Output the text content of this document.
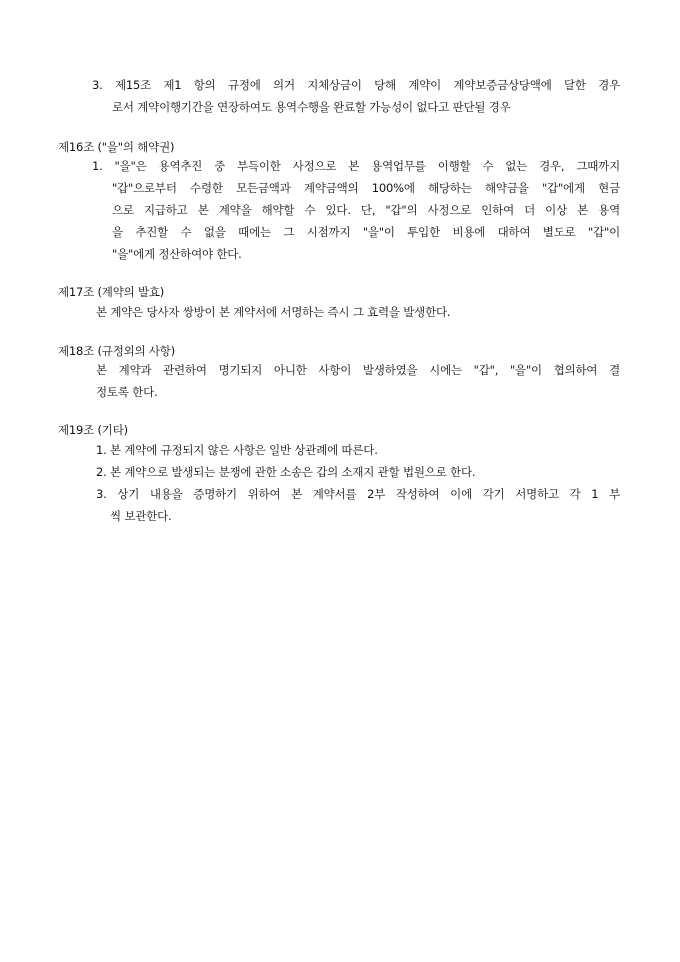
3. 제15조 제1 항의 규정에 의거 지체상금이 당해 계약이 계약보증금상당액에 달한 경우
로서 계약이행기간을 연장하여도 용역수행을 완료할 가능성이 없다고 판단될 경우
제16조 ("을"의 해약권)
1. "을"은 용역추진 중 부득이한 사정으로 본 용역업무를 이행할 수 없는 경우, 그때까지
"갑"으로부터 수령한 모든금액과 계약금액의 100%에 해당하는 해약금을 "갑"에게 현금
으로 지급하고 본 계약을 해약할 수 있다. 단, "갑"의 사정으로 인하여 더 이상 본 용역
을 추진할 수 없을 때에는 그 시점까지 "을"이 투입한 비용에 대하여 별도로 "갑"이
"을"에게 정산하여야 한다.
제17조 (계약의 발효)
본 계약은 당사자 쌍방이 본 계약서에 서명하는 즉시 그 효력을 발생한다.
제18조 (규정외의 사항)
본 계약과 관련하여 명기되지 아니한 사항이 발생하였을 시에는 "갑", "을"이 협의하여 결
정토록 한다.
제19조 (기타)
1. 본 계약에 규정되지 않은 사항은 일반 상관례에 따른다.
2. 본 계약으로 발생되는 분쟁에 관한 소송은 갑의 소재지 관할 법원으로 한다.
3. 상기 내용을 증명하기 위하여 본 계약서를 2부 작성하여 이에 각기 서명하고 각 1 부
씩 보관한다.
